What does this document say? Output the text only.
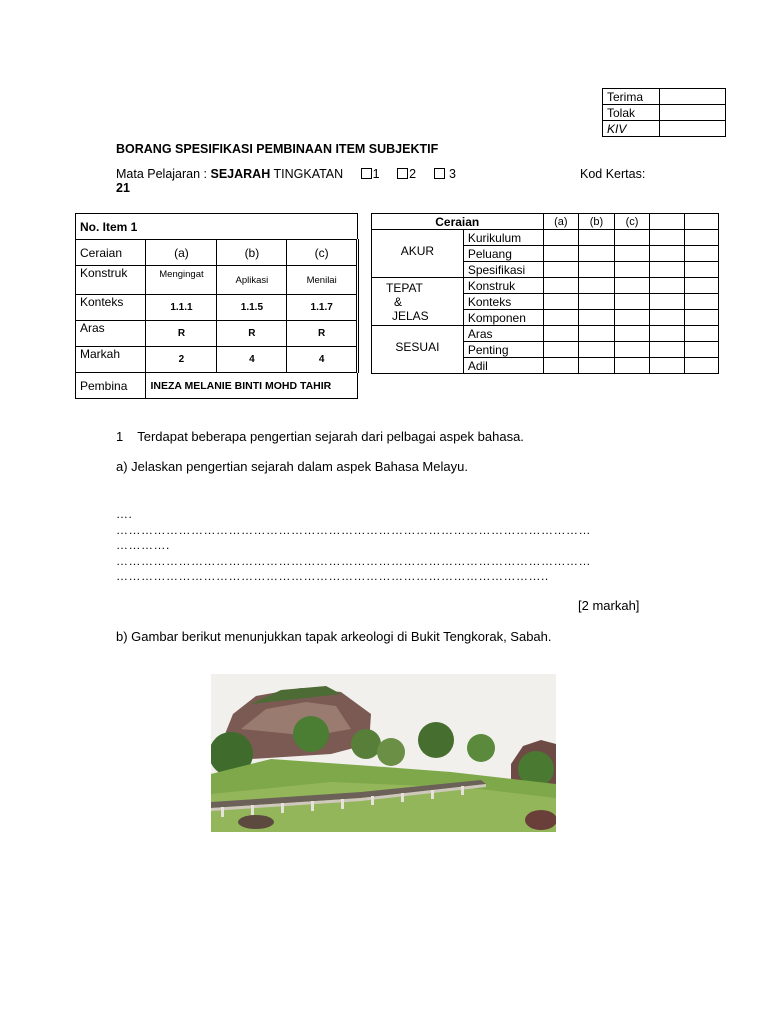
Terima	
Tolak	
KIV	
BORANG SPESIFIKASI PEMBINAAN ITEM SUBJEKTIF
Mata Pelajaran : SEJARAH TINGKATAN 1 2	3	Kod Kertas:
21
No. Item 1			
Ceraian	(a)	(b)	(c)
Konstruk	Mengingat	Aplikasi	Menilai
Konteks	1.1.1	1.1.5	1.1.7
Aras	R	R	R
Markah	2	4	4
Pembina	INEZA MELANIE BINTI MOHD TAHIR		
Ceraian		(a)	(b)	(c)		
AKUR	Kurikulum					
	Peluang					
	Spesifikasi					

TEPAT
&
JELAS	Konstruk					
	Konteks					
	Komponen					
SESUAI	Aras					
	Penting					
	Adil					
1 Terdapat beberapa pengertian sejarah dari pelbagai aspek bahasa.
a) Jelaskan pengertian sejarah dalam aspek Bahasa Melayu.
….
……………………………………………………………………………………………………
………….
……………………………………………………………………………………………………
…………………………………………………………………………………………..
[2 markah]
b) Gambar berikut menunjukkan tapak arkeologi di Bukit Tengkorak, Sabah.
